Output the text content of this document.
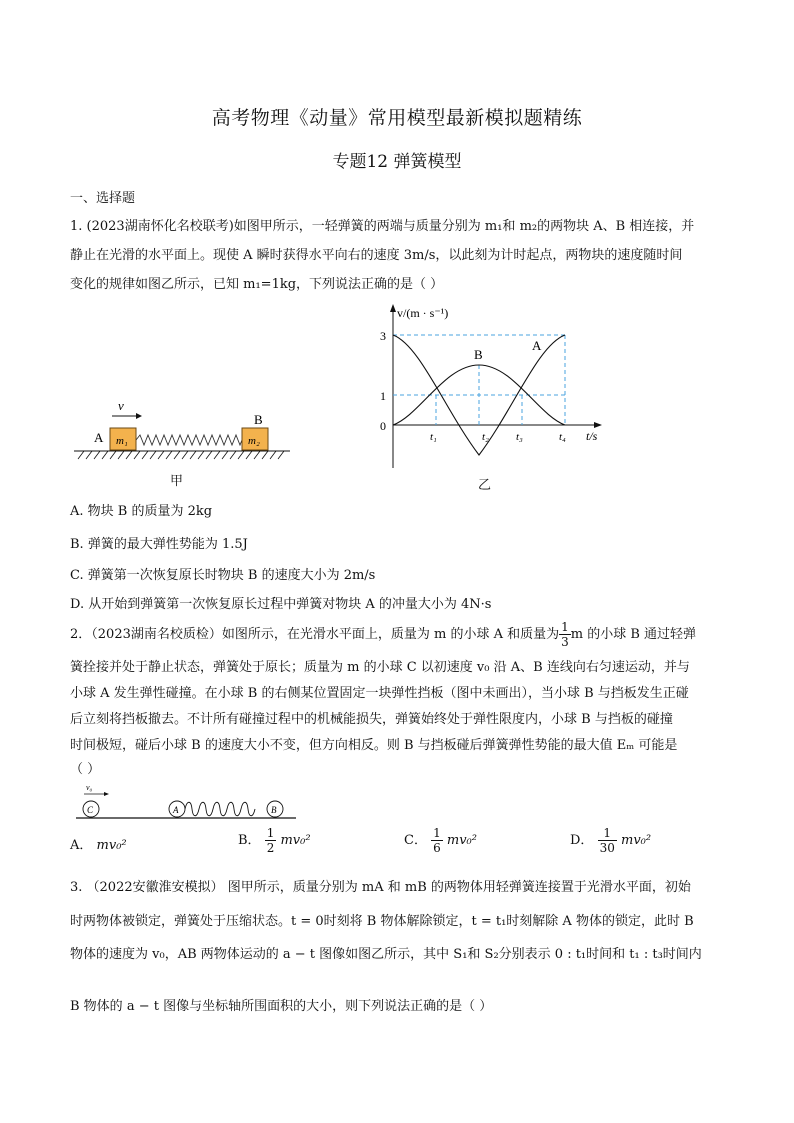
高考物理《动量》常用模型最新模拟题精练
专题12 弹簧模型
一、选择题
1. (2023湖南怀化名校联考)如图甲所示，一轻弹簧的两端与质量分别为 m₁和 m₂的两物块 A、B 相连接，并
静止在光滑的水平面上。现使 A 瞬时获得水平向右的速度 3m/s，以此刻为计时起点，两物块的速度随时间
变化的规律如图乙所示，已知 m₁=1kg，下列说法正确的是（ ）
v
A m₁
B
m₂
甲
v/(m · s⁻¹)
3
1
0
A
B
t₁	t₂ t₃	t₄ t/s
乙
A. 物块 B 的质量为 2kg
B. 弹簧的最大弹性势能为 1.5J
C. 弹簧第一次恢复原长时物块 B 的速度大小为 2m/s
D. 从开始到弹簧第一次恢复原长过程中弹簧对物块 A 的冲量大小为 4N·s
2．（2023湖南名校质检）如图所示，在光滑水平面上，质量为 m 的小球 A 和质量为 $\frac{1}{3}$ m 的小球 B 通过轻弹
簧拴接并处于静止状态，弹簧处于原长；质量为 m 的小球 C 以初速度 v₀ 沿 A、B 连线向右匀速运动，并与
小球 A 发生弹性碰撞。在小球 B 的右侧某位置固定一块弹性挡板（图中未画出），当小球 B 与挡板发生正碰
后立刻将挡板撤去。不计所有碰撞过程中的机械能损失，弹簧始终处于弹性限度内，小球 B 与挡板的碰撞
时间极短，碰后小球 B 的速度大小不变，但方向相反。则 B 与挡板碰后弹簧弹性势能的最大值 Eₘ 可能是
（ ）
v₀
C	A	B
A． mv₀²	B． $\frac{1}{2} mv_0^2$	C． $\frac{1}{6} mv_0^2$	D． $\frac{1}{30} mv_0^2$
3. （2022安徽淮安模拟） 图甲所示，质量分别为 mA 和 mB 的两物体用轻弹簧连接置于光滑水平面，初始
时两物体被锁定，弹簧处于压缩状态。t = 0时刻将 B 物体解除锁定，t = t₁时刻解除 A 物体的锁定，此时 B
物体的速度为 v₀，AB 两物体运动的 a − t 图像如图乙所示，其中 S₁和 S₂分别表示 0 : t₁时间和 t₁ : t₃时间内
B 物体的 a − t 图像与坐标轴所围面积的大小，则下列说法正确的是（ ）
